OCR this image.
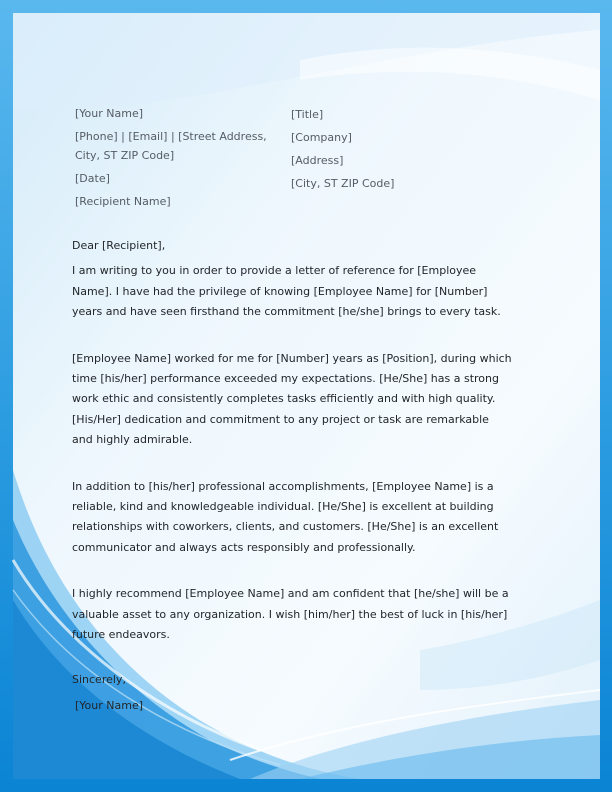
[Your Name]

[Phone] | [Email] | [Street Address, City, ST ZIP Code]

[Date]

[Recipient Name]

[Title]

[Company]

[Address]

[City, ST ZIP Code]

Dear [Recipient],

I am writing to you in order to provide a letter of reference for [Employee Name]. I have had the privilege of knowing [Employee Name] for [Number] years and have seen firsthand the commitment [he/she] brings to every task.

[Employee Name] worked for me for [Number] years as [Position], during which time [his/her] performance exceeded my expectations. [He/She] has a strong work ethic and consistently completes tasks efficiently and with high quality. [His/Her] dedication and commitment to any project or task are remarkable and highly admirable.

In addition to [his/her] professional accomplishments, [Employee Name] is a reliable, kind and knowledgeable individual. [He/She] is excellent at building relationships with coworkers, clients, and customers. [He/She] is an excellent communicator and always acts responsibly and professionally.

I highly recommend [Employee Name] and am confident that [he/she] will be a valuable asset to any organization. I wish [him/her] the best of luck in [his/her] future endeavors.

Sincerely,

[Your Name]
